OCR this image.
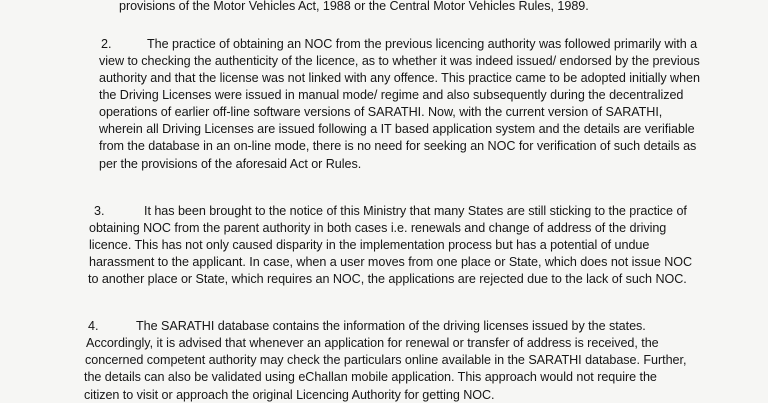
provisions of the Motor Vehicles Act, 1988 or the Central Motor Vehicles Rules, 1989.
2.	The practice of obtaining an NOC from the previous licencing authority was followed primarily with a
view to checking the authenticity of the licence, as to whether it was indeed issued/ endorsed by the previous
authority and that the license was not linked with any offence. This practice came to be adopted initially when
the Driving Licenses were issued in manual mode/ regime and also subsequently during the decentralized
operations of earlier off-line software versions of SARATHI. Now, with the current version of SARATHI,
wherein all Driving Licenses are issued following a IT based application system and the details are verifiable
from the database in an on-line mode, there is no need for seeking an NOC for verification of such details as
per the provisions of the aforesaid Act or Rules.
3.	It has been brought to the notice of this Ministry that many States are still sticking to the practice of
obtaining NOC from the parent authority in both cases i.e. renewals and change of address of the driving
licence. This has not only caused disparity in the implementation process but has a potential of undue
harassment to the applicant. In case, when a user moves from one place or State, which does not issue NOC
to another place or State, which requires an NOC, the applications are rejected due to the lack of such NOC.
4.	The SARATHI database contains the information of the driving licenses issued by the states.
Accordingly, it is advised that whenever an application for renewal or transfer of address is received, the
concerned competent authority may check the particulars online available in the SARATHI database. Further,
the details can also be validated using eChallan mobile application. This approach would not require the
citizen to visit or approach the original Licencing Authority for getting NOC.
